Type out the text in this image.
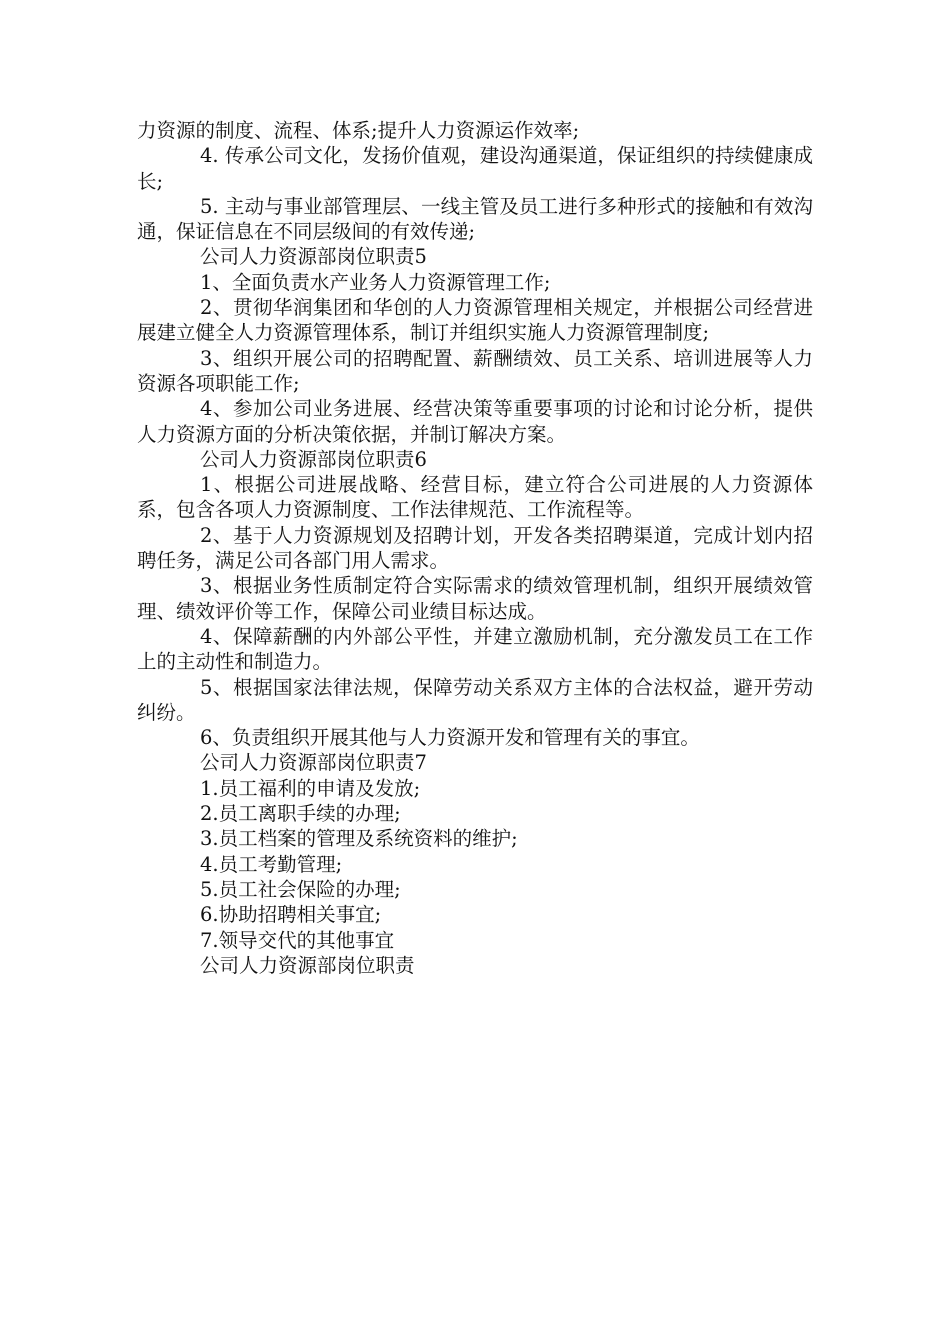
力资源的制度、流程、体系;提升人力资源运作效率;

4. 传承公司文化，发扬价值观，建设沟通渠道，保证组织的持续健康成长;

5. 主动与事业部管理层、一线主管及员工进行多种形式的接触和有效沟通，保证信息在不同层级间的有效传递;

公司人力资源部岗位职责5

1、全面负责水产业务人力资源管理工作;

2、贯彻华润集团和华创的人力资源管理相关规定，并根据公司经营进展建立健全人力资源管理体系，制订并组织实施人力资源管理制度;

3、组织开展公司的招聘配置、薪酬绩效、员工关系、培训进展等人力资源各项职能工作;

4、参加公司业务进展、经营决策等重要事项的讨论和讨论分析，提供人力资源方面的分析决策依据，并制订解决方案。

公司人力资源部岗位职责6

1、根据公司进展战略、经营目标，建立符合公司进展的人力资源体系，包含各项人力资源制度、工作法律规范、工作流程等。

2、基于人力资源规划及招聘计划，开发各类招聘渠道，完成计划内招聘任务，满足公司各部门用人需求。

3、根据业务性质制定符合实际需求的绩效管理机制，组织开展绩效管理、绩效评价等工作，保障公司业绩目标达成。

4、保障薪酬的内外部公平性，并建立激励机制，充分激发员工在工作上的主动性和制造力。

5、根据国家法律法规，保障劳动关系双方主体的合法权益，避开劳动纠纷。

6、负责组织开展其他与人力资源开发和管理有关的事宜。

公司人力资源部岗位职责7

1.员工福利的申请及发放;

2.员工离职手续的办理;

3.员工档案的管理及系统资料的维护;

4.员工考勤管理;

5.员工社会保险的办理;

6.协助招聘相关事宜;

7.领导交代的其他事宜

公司人力资源部岗位职责
